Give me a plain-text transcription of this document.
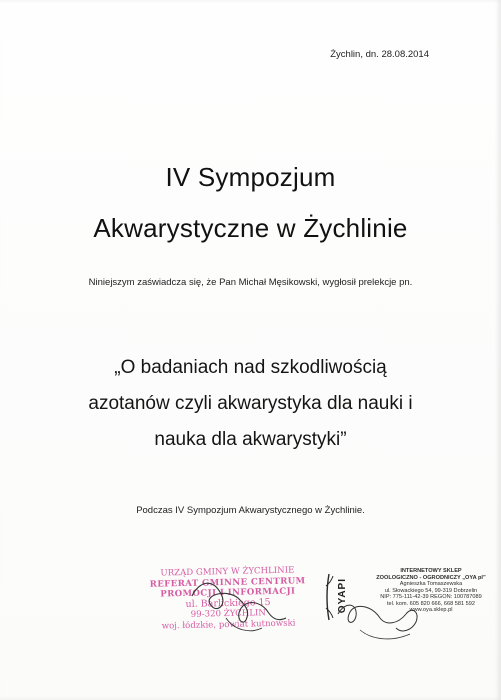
Żychlin, dn. 28.08.2014
IV Sympozjum
Akwarystyczne w Żychlinie
Niniejszym zaświadcza się, że Pan Michał Męsikowski, wygłosił prelekcje pn.
„O badaniach nad szkodliwością
azotanów czyli akwarystyka dla nauki i
nauka dla akwarystyki”
Podczas IV Sympozjum Akwarystycznego w Żychlinie.
URZĄD GMINY W ŻYCHLINIE
REFERAT GMINNE CENTRUM
PROMOCJI I INFORMACJI
ul. Barlickiego 15
99-320 ŻYCHLIN
woj. łódzkie, powiat kutnowski
OYAPI
INTERNETOWY SKLEP
ZOOLOGICZNO - OGRODNICZY „OYA pl”
Agnieszka Tomaszewska
ul. Słowackiego 54, 99-319 Dobrzelin
NIP: 775-111-42-39 REGON: 100787089
tel. kom. 605 820 666, 668 581 592
www.oya.sklep.pl
